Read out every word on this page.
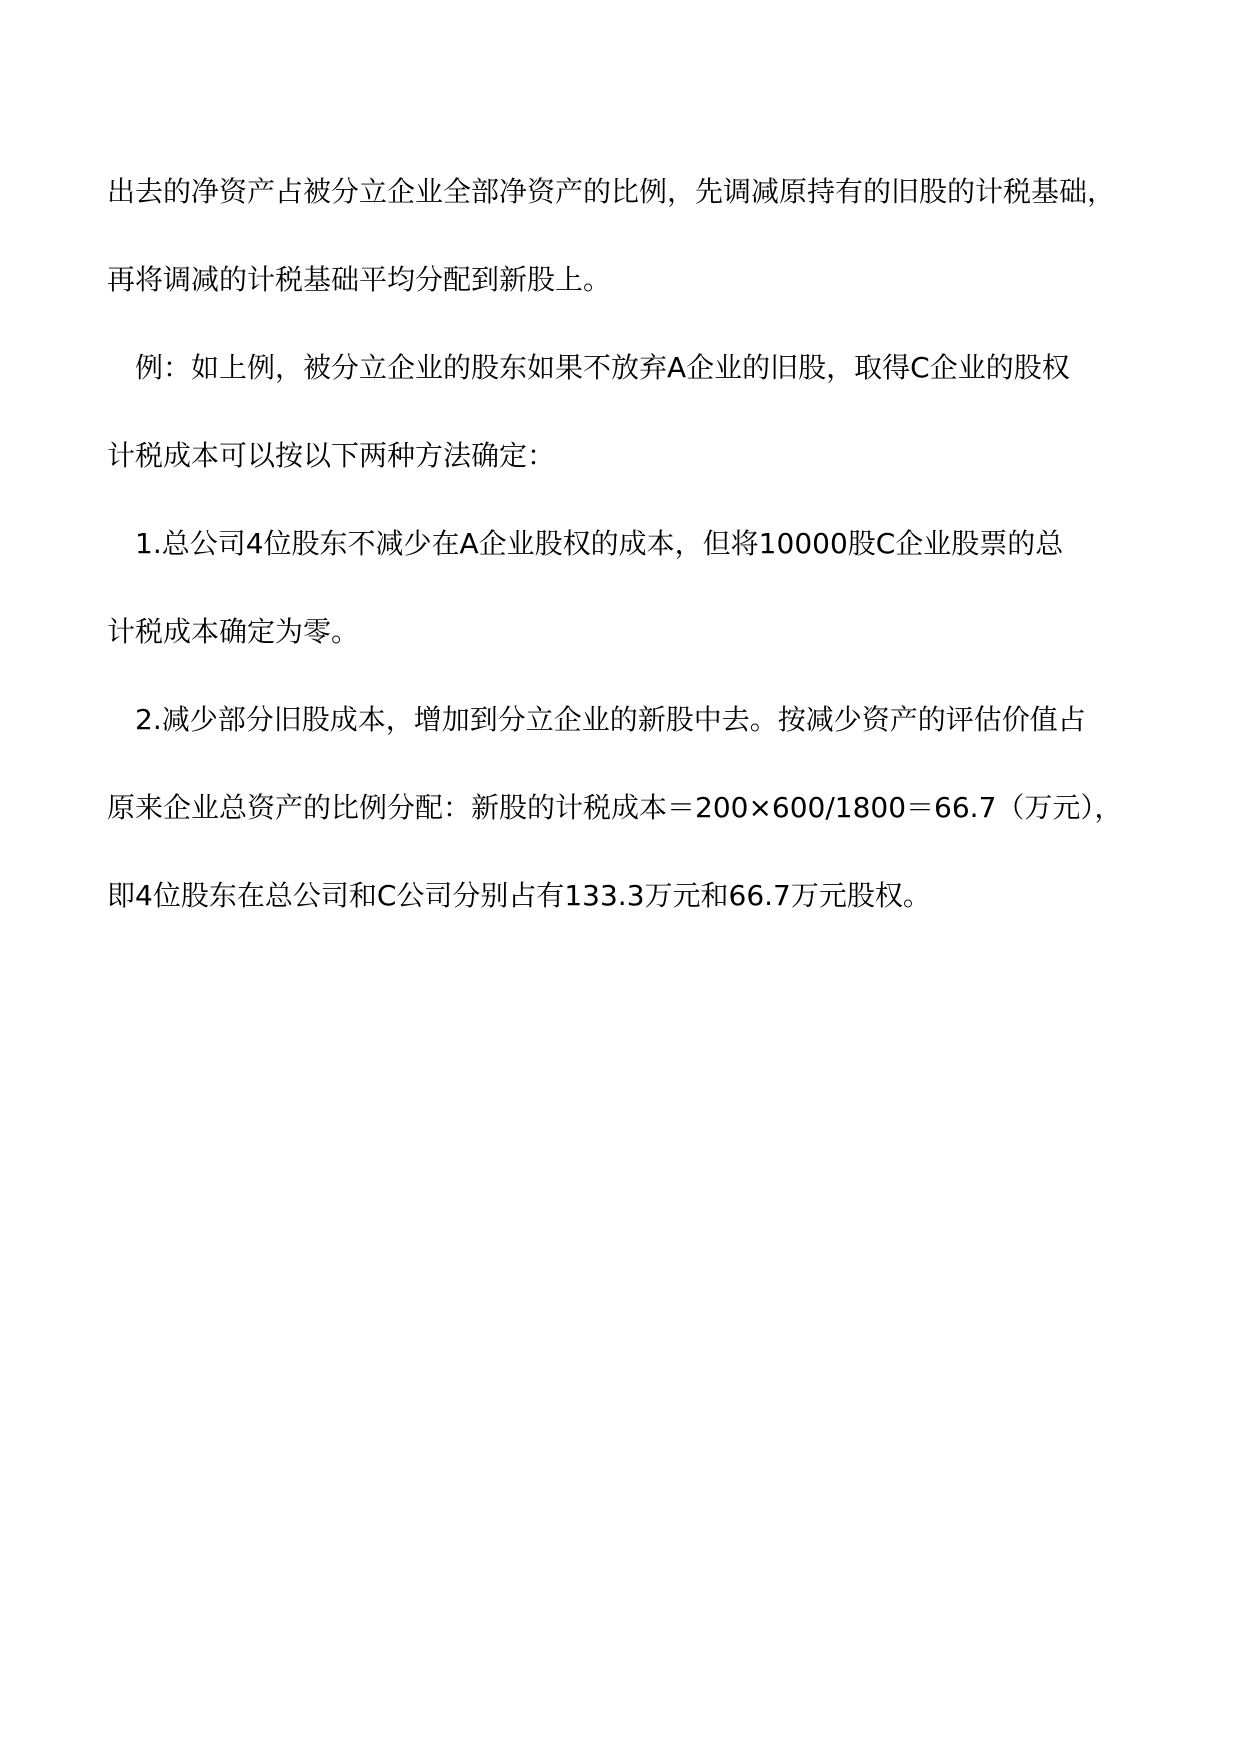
出去的净资产占被分立企业全部净资产的比例，先调减原持有的旧股的计税基础，
再将调减的计税基础平均分配到新股上。

例：如上例，被分立企业的股东如果不放弃A企业的旧股，取得C企业的股权
计税成本可以按以下两种方法确定：

1.总公司4位股东不减少在A企业股权的成本，但将10000股C企业股票的总
计税成本确定为零。

2.减少部分旧股成本，增加到分立企业的新股中去。按减少资产的评估价值占
原来企业总资产的比例分配：新股的计税成本＝200×600/1800＝66.7（万元），
即4位股东在总公司和C公司分别占有133.3万元和66.7万元股权。
